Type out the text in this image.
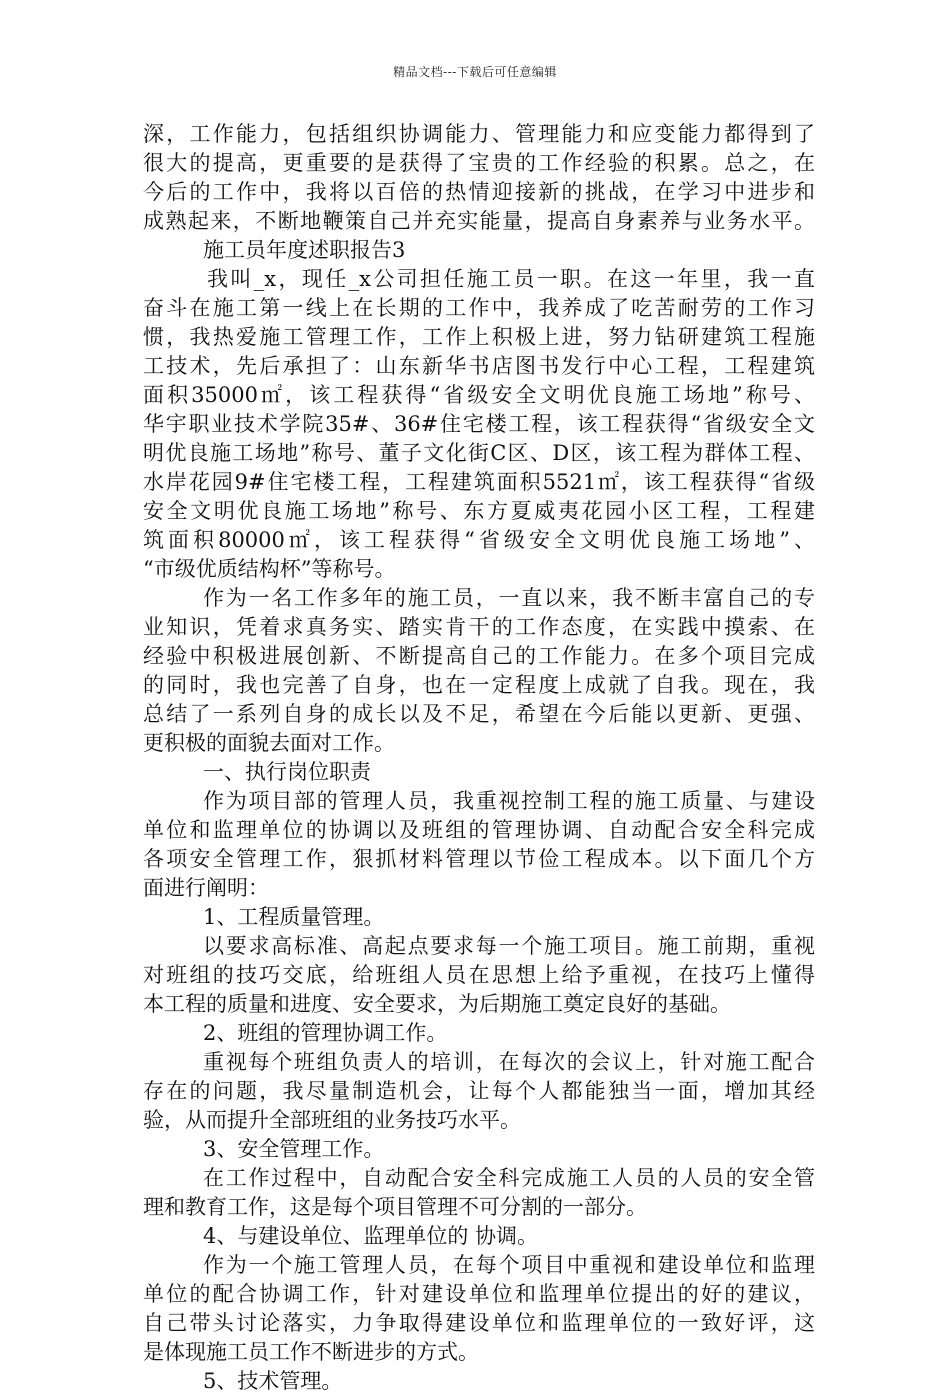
精品文档---下载后可任意编辑
深，工作能力，包括组织协调能力、管理能力和应变能力都得到了
很大的提高，更重要的是获得了宝贵的工作经验的积累。总之，在
今后的工作中，我将以百倍的热情迎接新的挑战，在学习中进步和
成熟起来，不断地鞭策自己并充实能量，提高自身素养与业务水平。
施工员年度述职报告3
我叫_x，现任_x公司担任施工员一职。在这一年里，我一直
奋斗在施工第一线上在长期的工作中，我养成了吃苦耐劳的工作习
惯，我热爱施工管理工作，工作上积极上进，努力钻研建筑工程施
工技术，先后承担了：山东新华书店图书发行中心工程，工程建筑
面积35000㎡，该工程获得“省级安全文明优良施工场地”称号、
华宇职业技术学院35#、36#住宅楼工程，该工程获得“省级安全文
明优良施工场地”称号、董子文化街C区、D区，该工程为群体工程、
水岸花园9#住宅楼工程，工程建筑面积5521㎡，该工程获得“省级
安全文明优良施工场地”称号、东方夏威夷花园小区工程，工程建
筑面积80000㎡，该工程获得“省级安全文明优良施工场地”、
“市级优质结构杯”等称号。
作为一名工作多年的施工员，一直以来，我不断丰富自己的专
业知识，凭着求真务实、踏实肯干的工作态度，在实践中摸索、在
经验中积极进展创新、不断提高自己的工作能力。在多个项目完成
的同时，我也完善了自身，也在一定程度上成就了自我。现在，我
总结了一系列自身的成长以及不足，希望在今后能以更新、更强、
更积极的面貌去面对工作。
一、执行岗位职责
作为项目部的管理人员，我重视控制工程的施工质量、与建设
单位和监理单位的协调以及班组的管理协调、自动配合安全科完成
各项安全管理工作，狠抓材料管理以节俭工程成本。以下面几个方
面进行阐明：
1、工程质量管理。
以要求高标准、高起点要求每一个施工项目。施工前期，重视
对班组的技巧交底，给班组人员在思想上给予重视，在技巧上懂得
本工程的质量和进度、安全要求，为后期施工奠定良好的基础。
2、班组的管理协调工作。
重视每个班组负责人的培训，在每次的会议上，针对施工配合
存在的问题，我尽量制造机会，让每个人都能独当一面，增加其经
验，从而提升全部班组的业务技巧水平。
3、安全管理工作。
在工作过程中，自动配合安全科完成施工人员的人员的安全管
理和教育工作，这是每个项目管理不可分割的一部分。
4、与建设单位、监理单位的 协调。
作为一个施工管理人员，在每个项目中重视和建设单位和监理
单位的配合协调工作，针对建设单位和监理单位提出的好的建议，
自己带头讨论落实，力争取得建设单位和监理单位的一致好评，这
是体现施工员工作不断进步的方式。
5、技术管理。
